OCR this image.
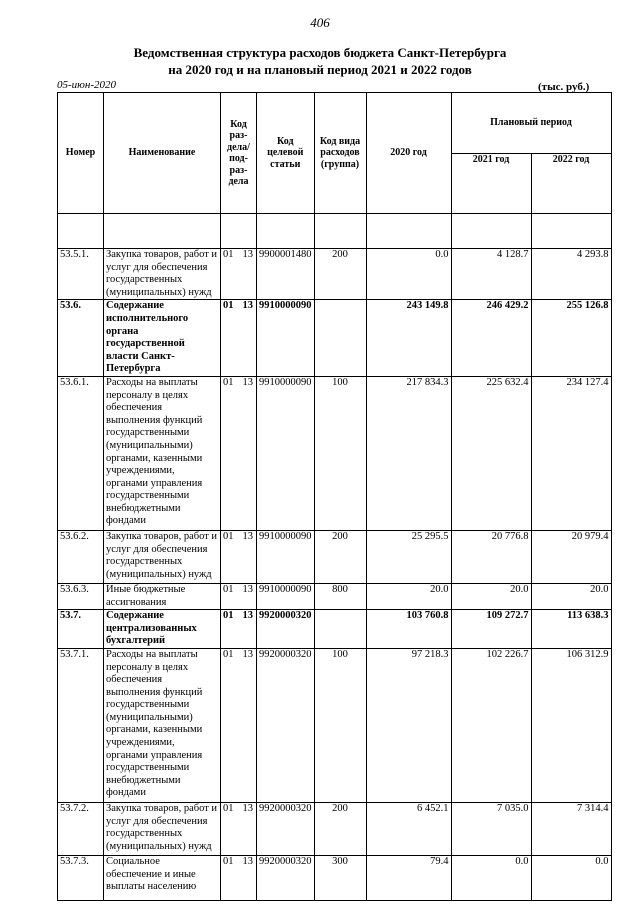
406
Ведомственная структура расходов бюджета Санкт-Петербурга
на 2020 год и на плановый период 2021 и 2022 годов
05-июн-2020	(тыс. руб.)
Номер	Наименование	Код раз- дела/ под- раз- дела	Код целевой статьи	Код вида расходов (группа)	2020 год	Плановый период	
						2021 год	2022 год

53.5.1.	Закупка товаров, работ и услуг для обеспечения государственных (муниципальных) нужд	01 13	9900001480	200	0.0	4 128.7	4 293.8
53.6.	Содержание исполнительного органа государственной власти Санкт-Петербурга	01 13	9910000090		243 149.8	246 429.2	255 126.8
53.6.1.	Расходы на выплаты персоналу в целях обеспечения выполнения функций государственными (муниципальными) органами, казенными учреждениями, органами управления государственными внебюджетными фондами	01 13	9910000090	100	217 834.3	225 632.4	234 127.4
53.6.2.	Закупка товаров, работ и услуг для обеспечения государственных (муниципальных) нужд	01 13	9910000090	200	25 295.5	20 776.8	20 979.4
53.6.3.	Иные бюджетные ассигнования	01 13	9910000090	800	20.0	20.0	20.0
53.7.	Содержание централизованных бухгалтерий	01 13	9920000320		103 760.8	109 272.7	113 638.3
53.7.1.	Расходы на выплаты персоналу в целях обеспечения выполнения функций государственными (муниципальными) органами, казенными учреждениями, органами управления государственными внебюджетными фондами	01 13	9920000320	100	97 218.3	102 226.7	106 312.9
53.7.2.	Закупка товаров, работ и услуг для обеспечения государственных (муниципальных) нужд	01 13	9920000320	200	6 452.1	7 035.0	7 314.4
53.7.3.	Социальное обеспечение и иные выплаты населению	01 13	9920000320	300	79.4	0.0	0.0
